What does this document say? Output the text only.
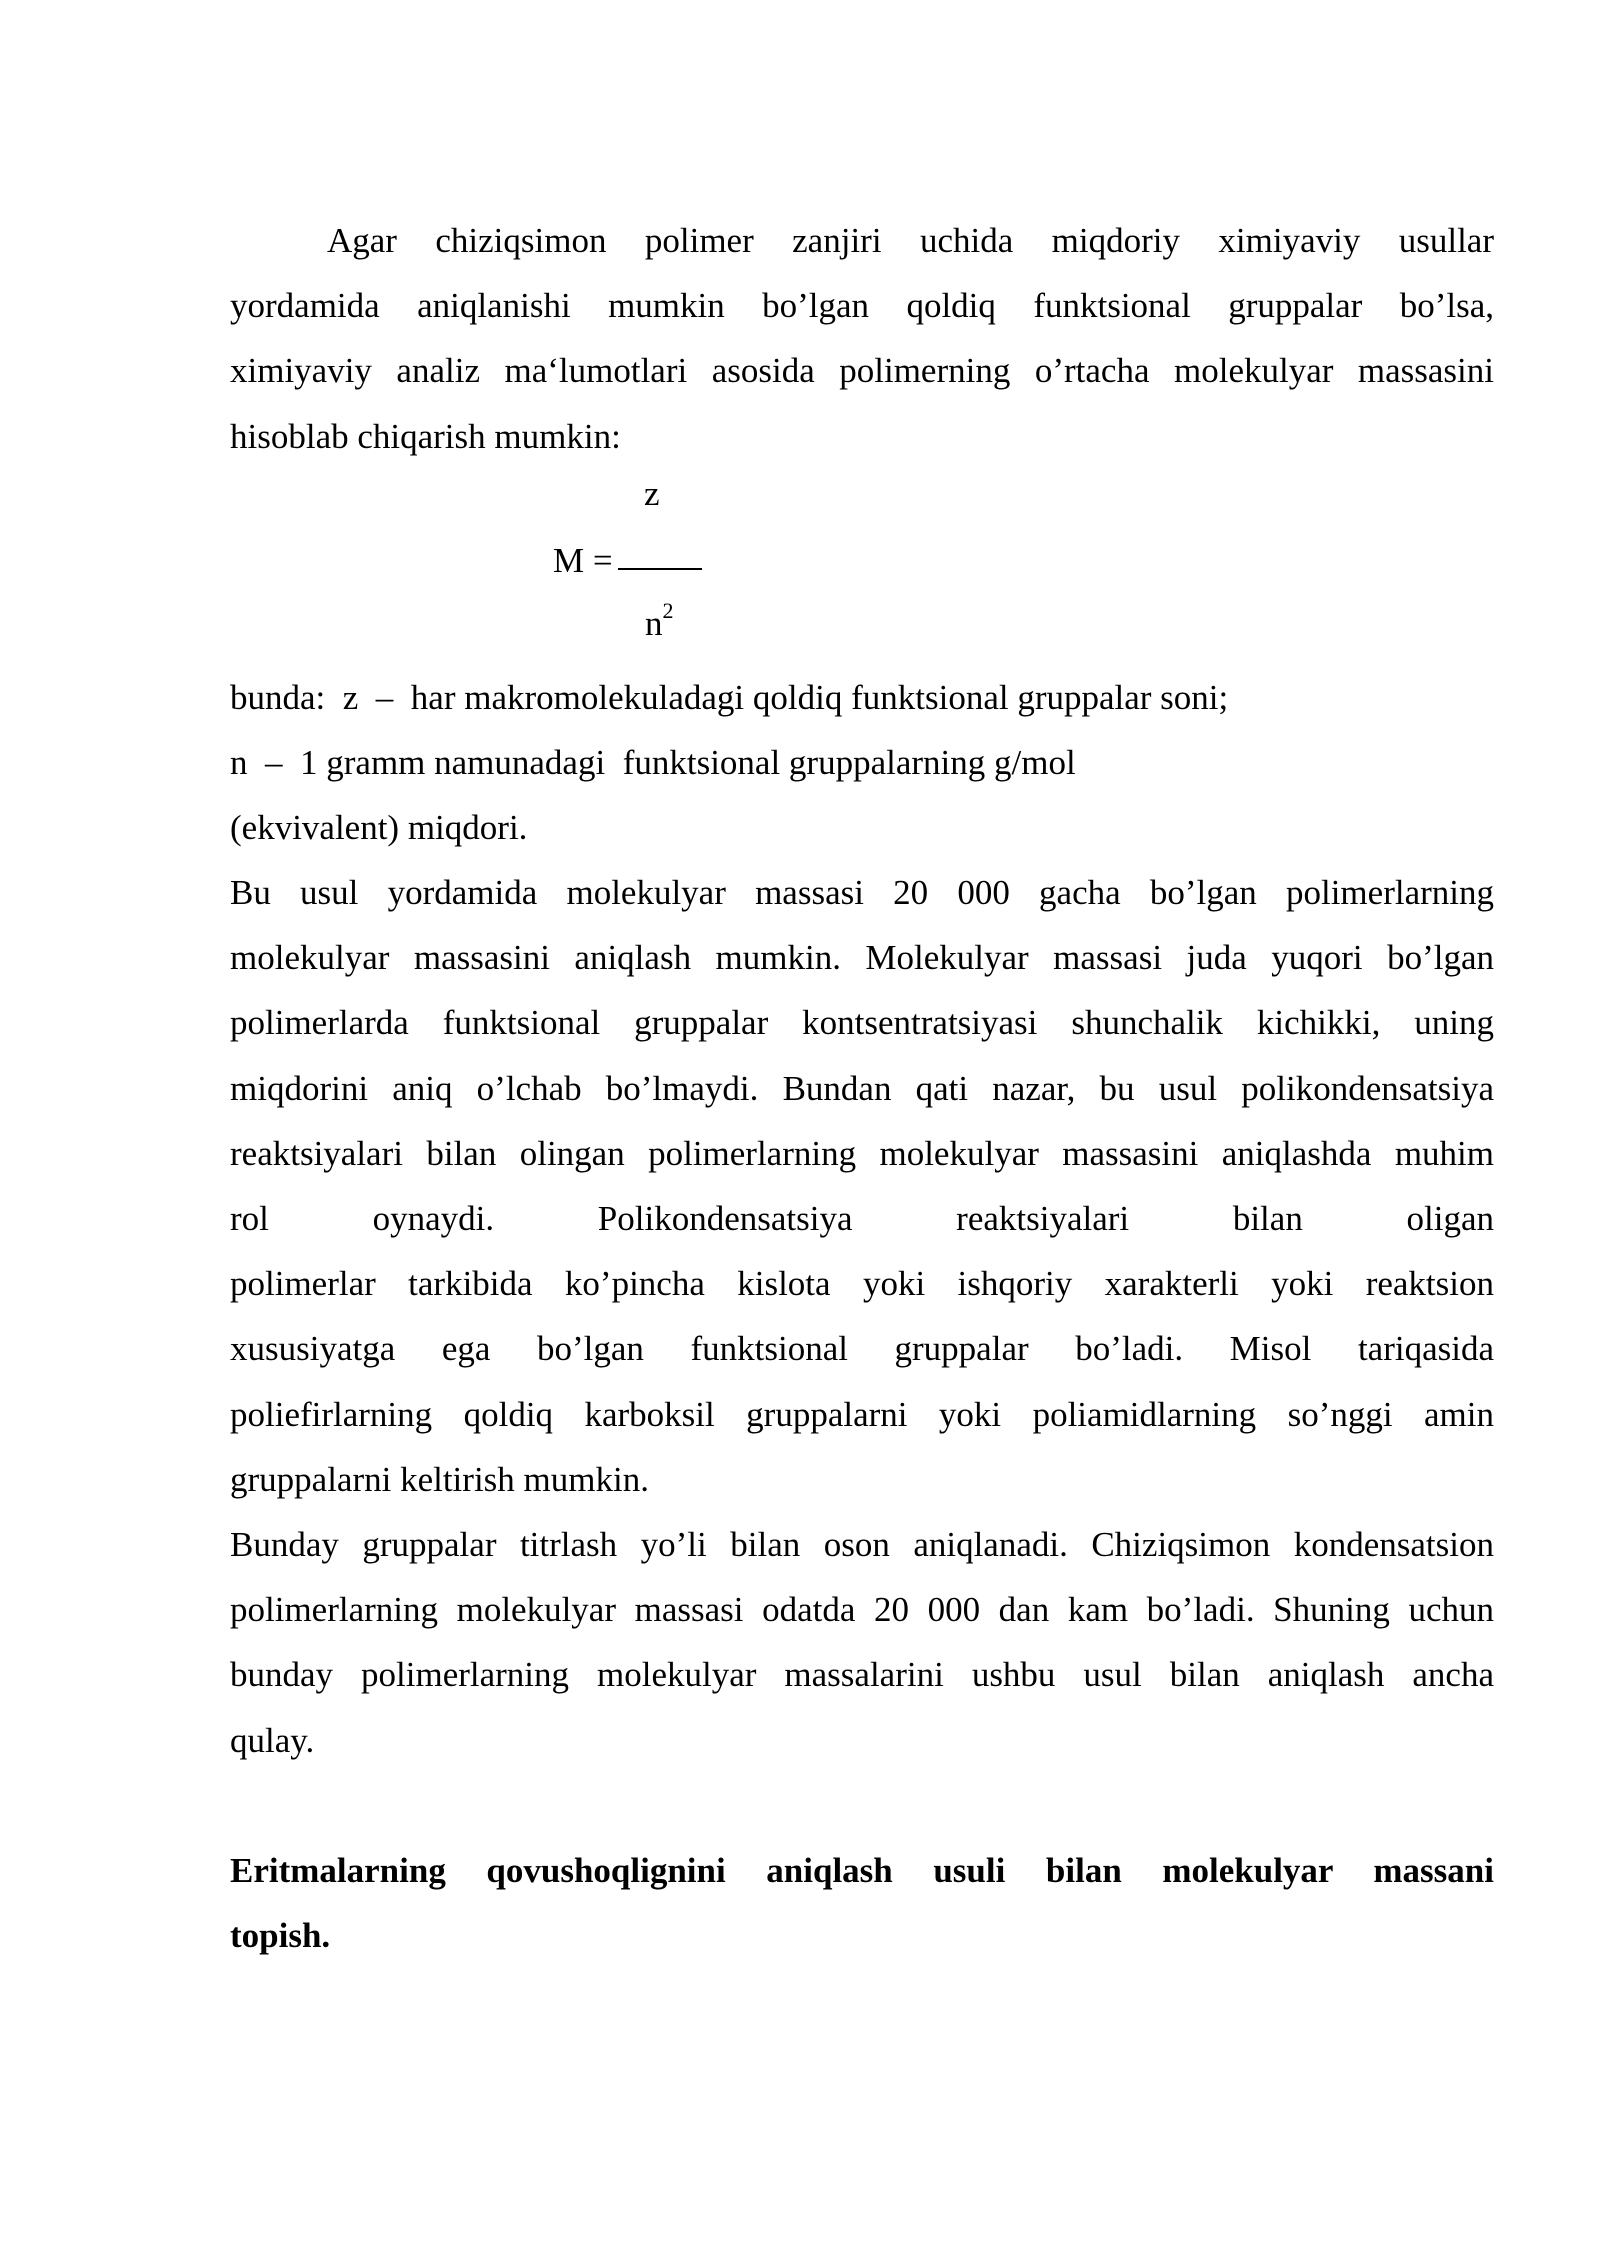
Agar chiziqsimon polimer zanjiri uchida miqdoriy ximiyaviy usullar
yordamida aniqlanishi mumkin bo’lgan qoldiq funktsional gruppalar bo’lsa,
ximiyaviy analiz ma‘lumotlari asosida polimerning o’rtacha molekulyar massasini
hisoblab chiqarish mumkin:
z
M =
$n^2$
bunda:  z  –  har makromolekuladagi qoldiq funktsional gruppalar soni;
n  –  1 gramm namunadagi  funktsional gruppalarning g/mol
(ekvivalent) miqdori.
Bu usul yordamida molekulyar massasi 20 000 gacha bo’lgan polimerlarning
molekulyar massasini aniqlash mumkin. Molekulyar massasi juda yuqori bo’lgan
polimerlarda funktsional gruppalar kontsentratsiyasi shunchalik kichikki, uning
miqdorini aniq o’lchab bo’lmaydi. Bundan qati nazar, bu usul polikondensatsiya
reaktsiyalari bilan olingan polimerlarning molekulyar massasini aniqlashda muhim
rol oynaydi. Polikondensatsiya reaktsiyalari bilan oligan
polimerlar tarkibida ko’pincha kislota yoki ishqoriy xarakterli yoki reaktsion
xususiyatga ega bo’lgan funktsional gruppalar bo’ladi. Misol tariqasida
poliefirlarning qoldiq karboksil gruppalarni yoki poliamidlarning so’nggi amin
gruppalarni keltirish mumkin.
Bunday gruppalar titrlash yo’li bilan oson aniqlanadi. Chiziqsimon kondensatsion
polimerlarning molekulyar massasi odatda 20 000 dan kam bo’ladi. Shuning uchun
bunday polimerlarning molekulyar massalarini ushbu usul bilan aniqlash ancha
qulay.
Eritmalarning qovushoqlignini aniqlash usuli bilan molekulyar massani
topish.
